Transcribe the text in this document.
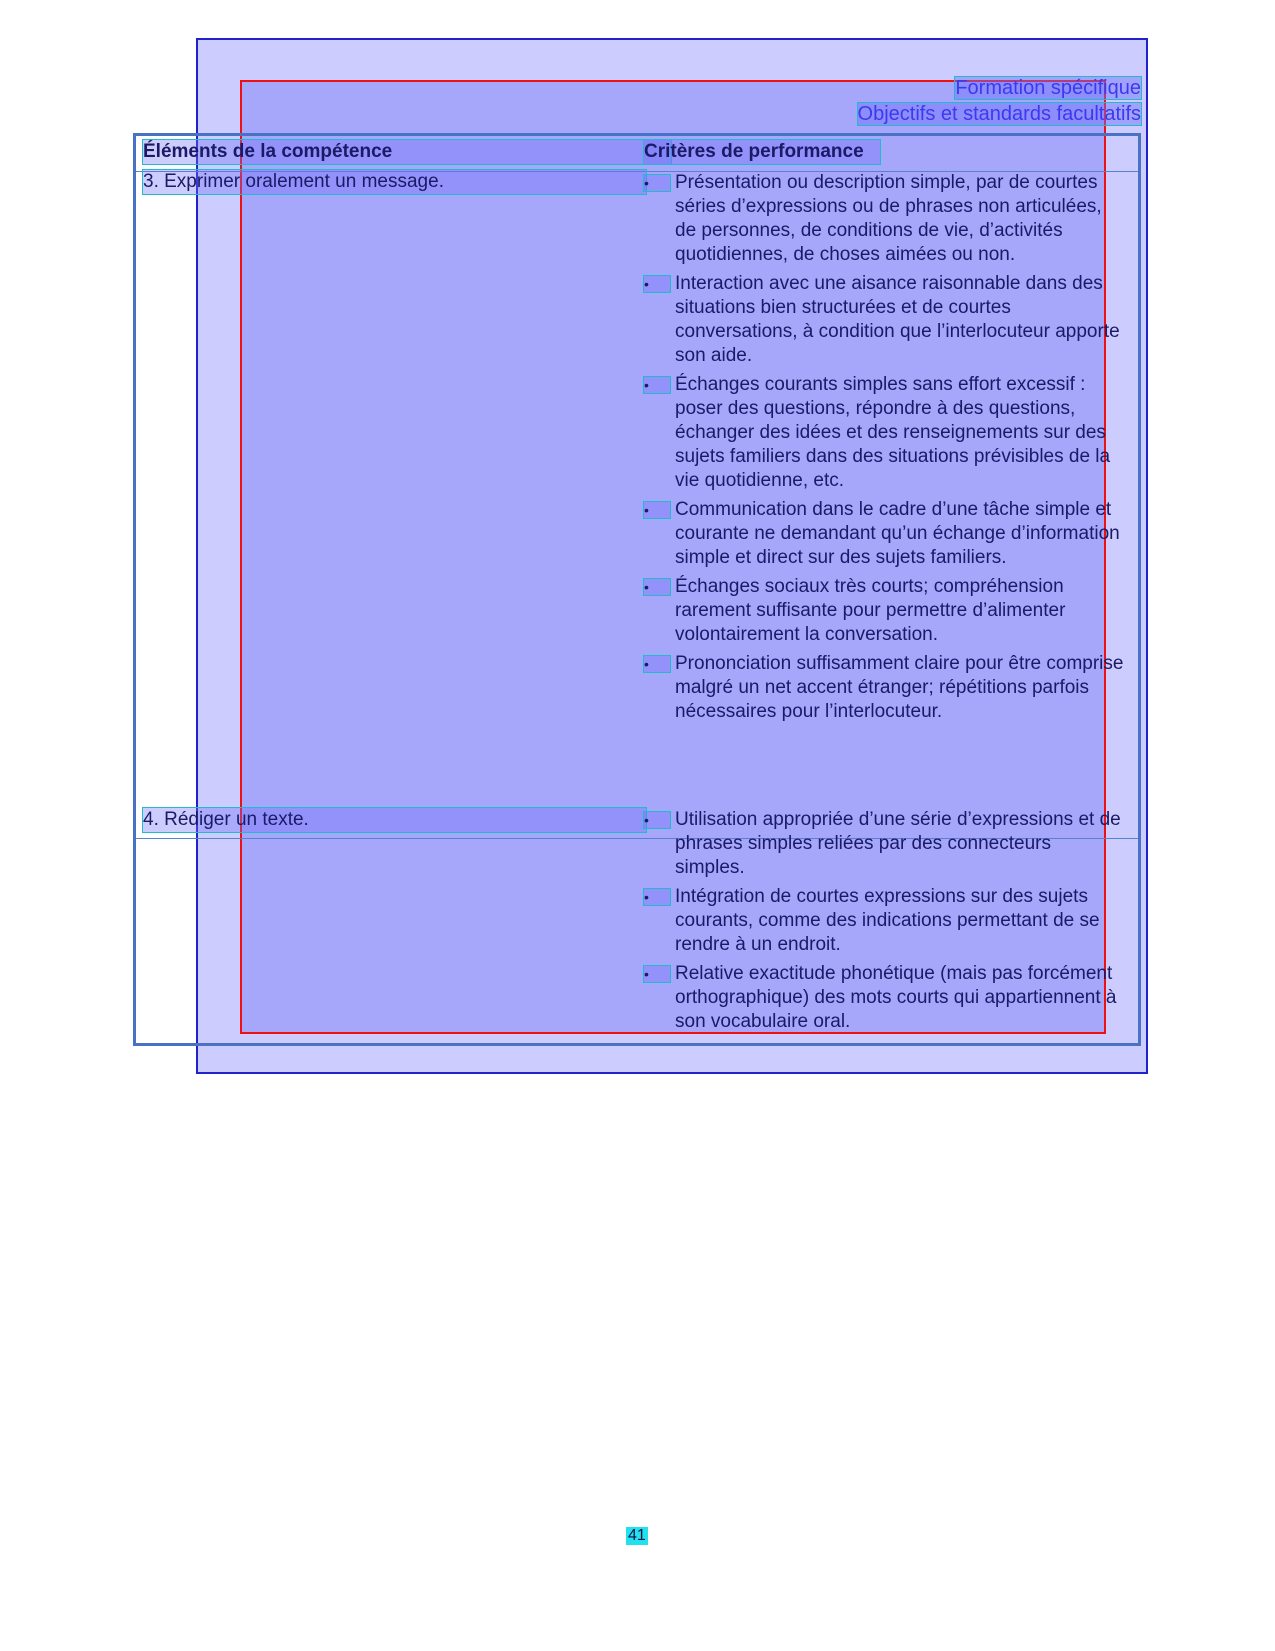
Formation spécifique
Objectifs et standards facultatifs
Éléments de la compétence	Critères de performance
3. Exprimer oralement un message.	•	Présentation ou description simple, par de courtes séries d’expressions ou de phrases non articulées, de personnes, de conditions de vie, d’activités quotidiennes, de choses aimées ou non.
•	Interaction avec une aisance raisonnable dans des situations bien structurées et de courtes conversations, à condition que l’interlocuteur apporte son aide.
•	Échanges courants simples sans effort excessif : poser des questions, répondre à des questions, échanger des idées et des renseignements sur des sujets familiers dans des situations prévisibles de la vie quotidienne, etc.
•	Communication dans le cadre d’une tâche simple et courante ne demandant qu’un échange d’information simple et direct sur des sujets familiers.
•	Échanges sociaux très courts; compréhension rarement suffisante pour permettre d’alimenter volontairement la conversation.
•	Prononciation suffisamment claire pour être comprise malgré un net accent étranger; répétitions parfois nécessaires pour l’interlocuteur.
4. Rédiger un texte.	•	Utilisation appropriée d’une série d’expressions et de phrases simples reliées par des connecteurs simples.
•	Intégration de courtes expressions sur des sujets courants, comme des indications permettant de se rendre à un endroit.
•	Relative exactitude phonétique (mais pas forcément orthographique) des mots courts qui appartiennent à son vocabulaire oral.
41
